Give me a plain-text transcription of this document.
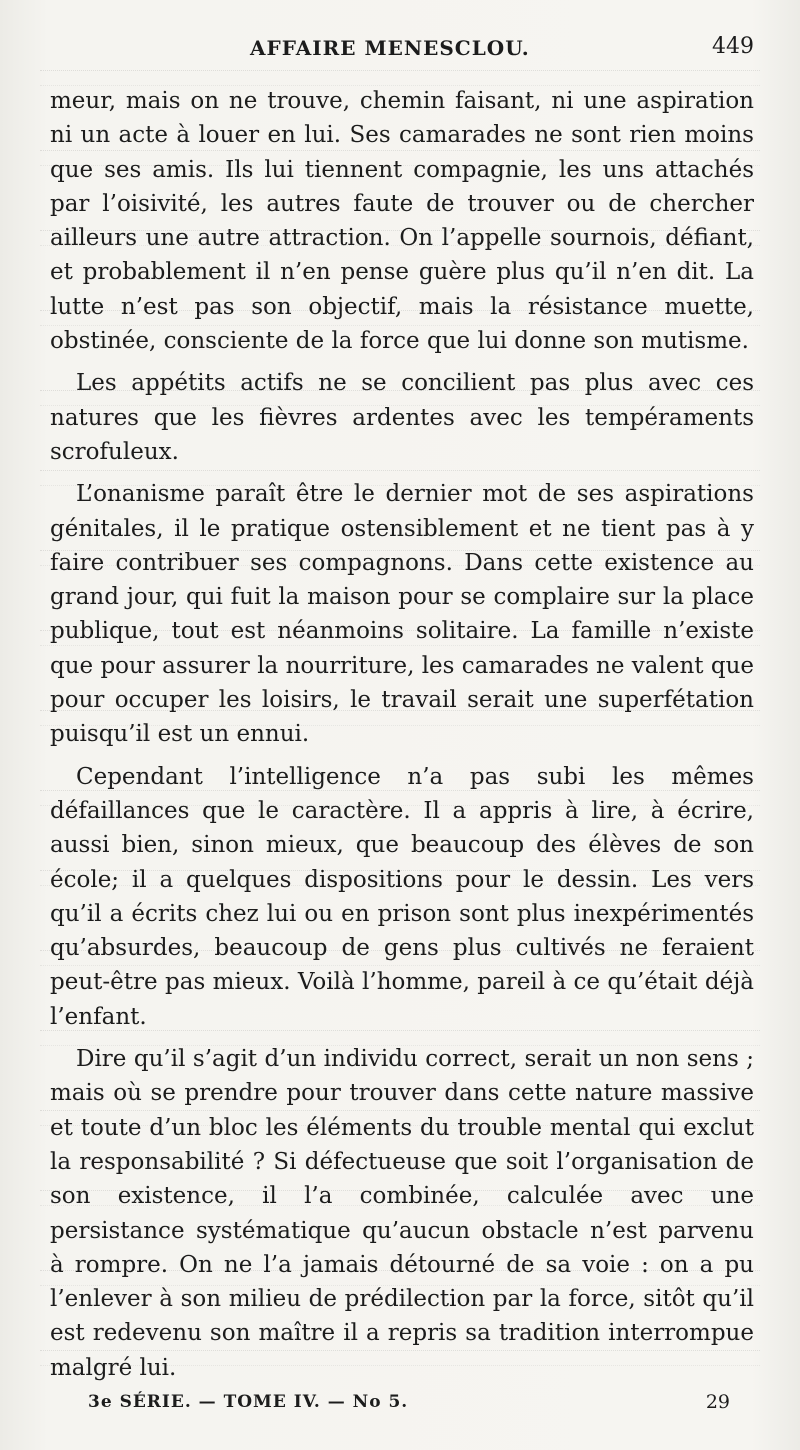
AFFAIRE MENESCLOU.	449

meur, mais on ne trouve, chemin faisant, ni une aspiration ni un acte à louer en lui. Ses camarades ne sont rien moins que ses amis. Ils lui tiennent compagnie, les uns attachés par l’oisivité, les autres faute de trouver ou de chercher ailleurs une autre attraction. On l’appelle sournois, défiant, et probablement il n’en pense guère plus qu’il n’en dit. La lutte n’est pas son objectif, mais la résistance muette, obstinée, consciente de la force que lui donne son mutisme.

Les appétits actifs ne se concilient pas plus avec ces natures que les fièvres ardentes avec les tempéraments scrofuleux.

L’onanisme paraît être le dernier mot de ses aspirations génitales, il le pratique ostensiblement et ne tient pas à y faire contribuer ses compagnons. Dans cette existence au grand jour, qui fuit la maison pour se complaire sur la place publique, tout est néanmoins solitaire. La famille n’existe que pour assurer la nourriture, les camarades ne valent que pour occuper les loisirs, le travail serait une superfétation puisqu’il est un ennui.

Cependant l’intelligence n’a pas subi les mêmes défaillances que le caractère. Il a appris à lire, à écrire, aussi bien, sinon mieux, que beaucoup des élèves de son école; il a quelques dispositions pour le dessin. Les vers qu’il a écrits chez lui ou en prison sont plus inexpérimentés qu’absurdes, beaucoup de gens plus cultivés ne feraient peut-être pas mieux. Voilà l’homme, pareil à ce qu’était déjà l’enfant.

Dire qu’il s’agit d’un individu correct, serait un non sens ; mais où se prendre pour trouver dans cette nature massive et toute d’un bloc les éléments du trouble mental qui exclut la responsabilité ? Si défectueuse que soit l’organisation de son existence, il l’a combinée, calculée avec une persistance systématique qu’aucun obstacle n’est parvenu à rompre. On ne l’a jamais détourné de sa voie : on a pu l’enlever à son milieu de prédilection par la force, sitôt qu’il est redevenu son maître il a repris sa tradition interrompue malgré lui.

3e SÉRIE. — TOME IV. — No 5.	29
